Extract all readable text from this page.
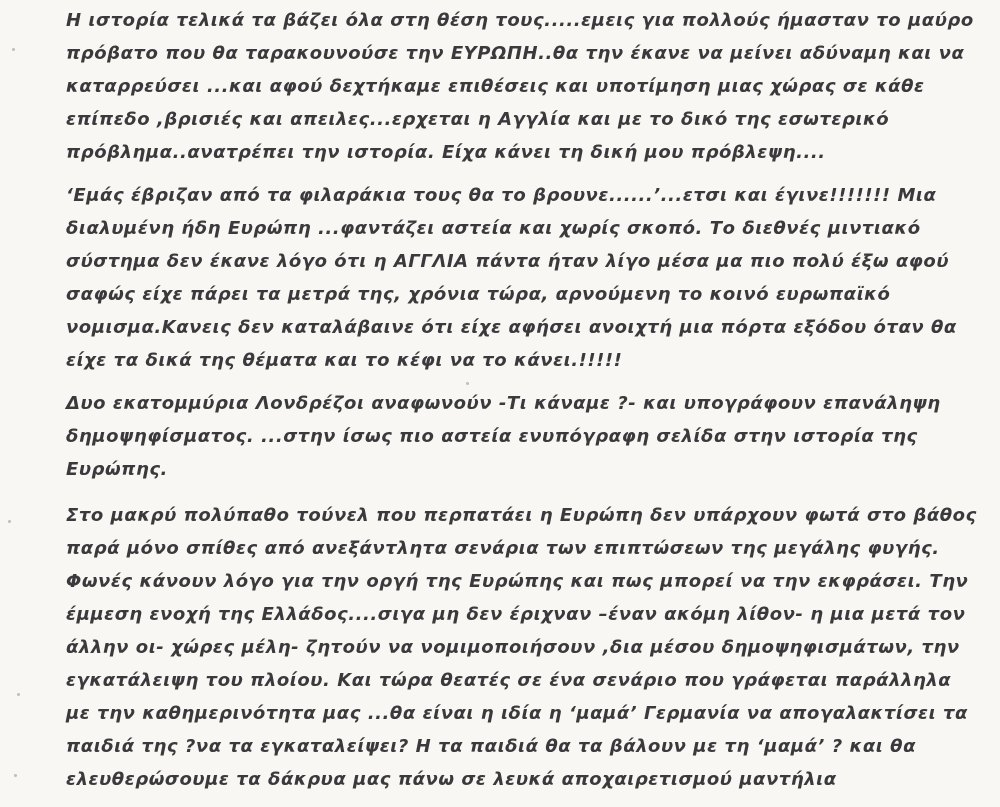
Η ιστορία τελικά τα βάζει όλα στη θέση τους.....εμεις για πολλούς ήμασταν το μαύρο
πρόβατο που θα ταρακουνούσε την ΕΥΡΩΠΗ..θα την έκανε να μείνει αδύναμη και να
καταρρεύσει ...και αφού δεχτήκαμε επιθέσεις και υποτίμηση μιας χώρας σε κάθε
επίπεδο ,βρισιές και απειλες...ερχεται η Αγγλία και με το δικό της εσωτερικό
πρόβλημα..ανατρέπει την ιστορία. Είχα κάνει τη δική μου πρόβλεψη....
‘Εμάς έβριζαν από τα φιλαράκια τους θα το βρουνε......’...ετσι και έγινε!!!!!!! Μια
διαλυμένη ήδη Ευρώπη ...φαντάζει αστεία και χωρίς σκοπό. Το διεθνές μιντιακό
σύστημα δεν έκανε λόγο ότι η ΑΓΓΛΙΑ πάντα ήταν λίγο μέσα μα πιο πολύ έξω αφού
σαφώς είχε πάρει τα μετρά της, χρόνια τώρα, αρνούμενη το κοινό ευρωπαϊκό
νομισμα.Κανεις δεν καταλάβαινε ότι είχε αφήσει ανοιχτή μια πόρτα εξόδου όταν θα
είχε τα δικά της θέματα και το κέφι να το κάνει.!!!!!
Δυο εκατομμύρια Λονδρέζοι αναφωνούν -Τι κάναμε ?- και υπογράφουν επανάληψη
δημοψηφίσματος. ...στην ίσως πιο αστεία ενυπόγραφη σελίδα στην ιστορία της
Ευρώπης.
Στο μακρύ πολύπαθο τούνελ που περπατάει η Ευρώπη δεν υπάρχουν φωτά στο βάθος
παρά μόνο σπίθες από ανεξάντλητα σενάρια των επιπτώσεων της μεγάλης φυγής.
Φωνές κάνουν λόγο για την οργή της Ευρώπης και πως μπορεί να την εκφράσει. Την
έμμεση ενοχή της Ελλάδος....σιγα μη δεν έριχναν –έναν ακόμη λίθον- η μια μετά τον
άλλην οι- χώρες μέλη- ζητούν να νομιμοποιήσουν ,δια μέσου δημοψηφισμάτων, την
εγκατάλειψη του πλοίου. Και τώρα θεατές σε ένα σενάριο που γράφεται παράλληλα
με την καθημερινότητα μας ...θα είναι η ιδία η ‘μαμά’ Γερμανία να απογαλακτίσει τα
παιδιά της ?να τα εγκαταλείψει? Η τα παιδιά θα τα βάλουν με τη ‘μαμά’ ? και θα
ελευθερώσουμε τα δάκρυα μας πάνω σε λευκά αποχαιρετισμού μαντήλια
